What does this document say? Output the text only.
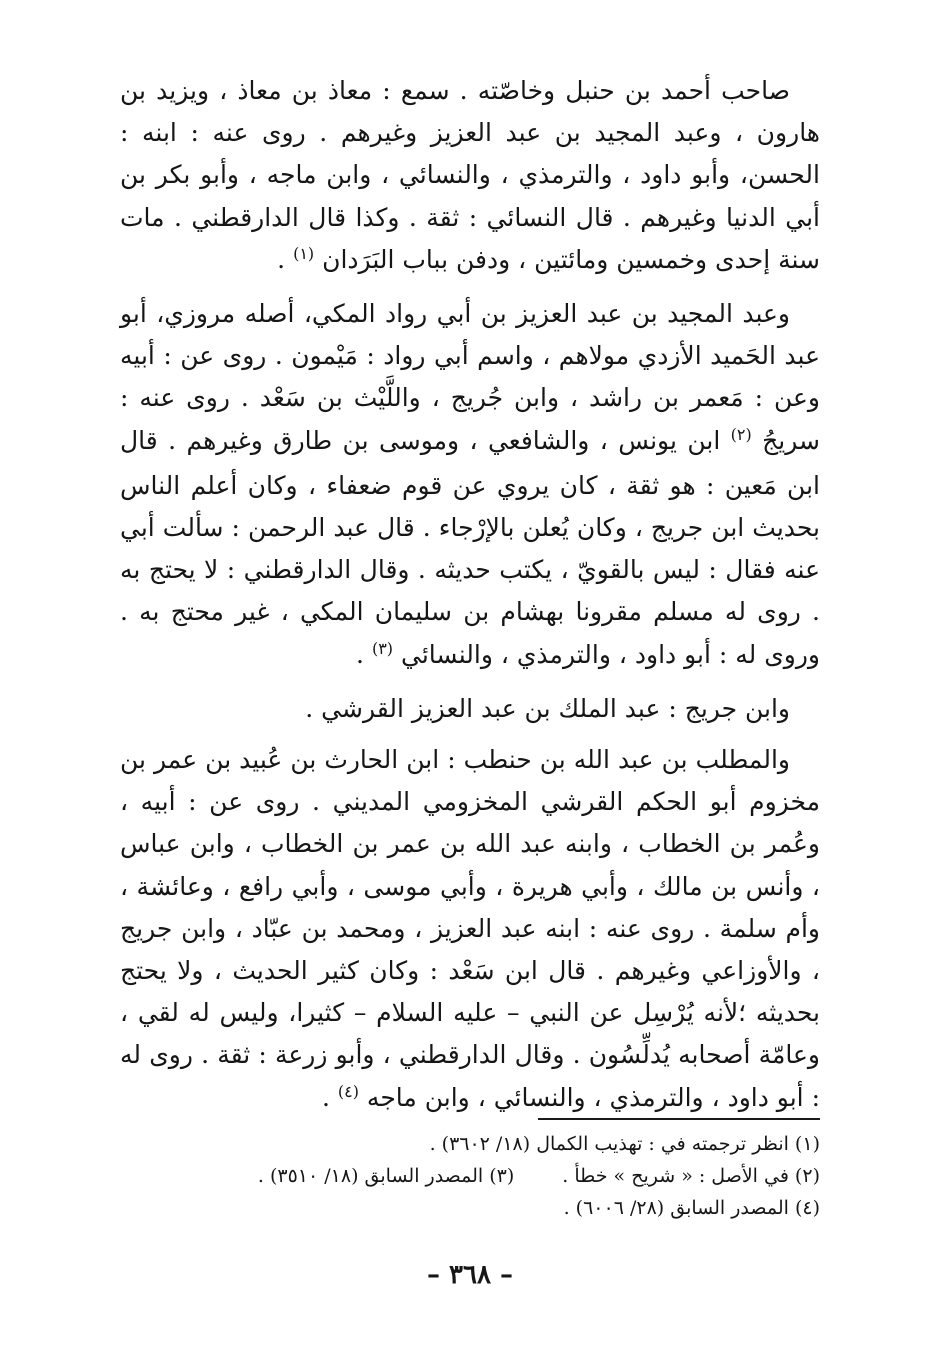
صاحب أحمد بن حنبل وخاصّته . سمع : معاذ بن معاذ ، ويزيد بن هارون ، وعبد المجيد بن عبد العزيز وغيرهم . روى عنه : ابنه : الحسن، وأبو داود ، والترمذي ، والنسائي ، وابن ماجه ، وأبو بكر بن أبي الدنيا وغيرهم . قال النسائي : ثقة . وكذا قال الدارقطني . مات سنة إحدى وخمسين ومائتين ، ودفن بباب البَرَدان $^{(١)}$ .

وعبد المجيد بن عبد العزيز بن أبي رواد المكي، أصله مروزي، أبو عبد الحَميد الأزدي مولاهم ، واسم أبي رواد : مَيْمون . روى عن : أبيه وعن : مَعمر بن راشد ، وابن جُريج ، واللَّيْث بن سَعْد . روى عنه : سريجُ $^{(٢)}$ ابن يونس ، والشافعي ، وموسى بن طارق وغيرهم . قال ابن مَعين : هو ثقة ، كان يروي عن قوم ضعفاء ، وكان أعلم الناس بحديث ابن جريج ، وكان يُعلن بالإرْجاء . قال عبد الرحمن : سألت أبي عنه فقال : ليس بالقويّ ، يكتب حديثه . وقال الدارقطني : لا يحتج به . روى له مسلم مقرونا بهشام بن سليمان المكي ، غير محتج به . وروى له : أبو داود ، والترمذي ، والنسائي $^{(٣)}$ .

وابن جريج : عبد الملك بن عبد العزيز القرشي .

والمطلب بن عبد الله بن حنطب : ابن الحارث بن عُبيد بن عمر بن مخزوم أبو الحكم القرشي المخزومي المديني . روى عن : أبيه ، وعُمر بن الخطاب ، وابنه عبد الله بن عمر بن الخطاب ، وابن عباس ، وأنس بن مالك ، وأبي هريرة ، وأبي موسى ، وأبي رافع ، وعائشة ، وأم سلمة . روى عنه : ابنه عبد العزيز ، ومحمد بن عبّاد ، وابن جريج ، والأوزاعي وغيرهم . قال ابن سَعْد : وكان كثير الحديث ، ولا يحتج بحديثه ؛لأنه يُرْسِل عن النبي – عليه السلام – كثيرا، وليس له لقي ، وعامّة أصحابه يُدلِّسُون . وقال الدارقطني ، وأبو زرعة : ثقة . روى له : أبو داود ، والترمذي ، والنسائي ، وابن ماجه $^{(٤)}$ .

(١) انظر ترجمته في : تهذيب الكمال (١٨/ ٣٦٠٢) .
(٢) في الأصل : « شريح » خطأ .(٣) المصدر السابق (١٨/ ٣٥١٠) .
(٤) المصدر السابق (٢٨/ ٦٠٠٦) .
– ٣٦٨ –
